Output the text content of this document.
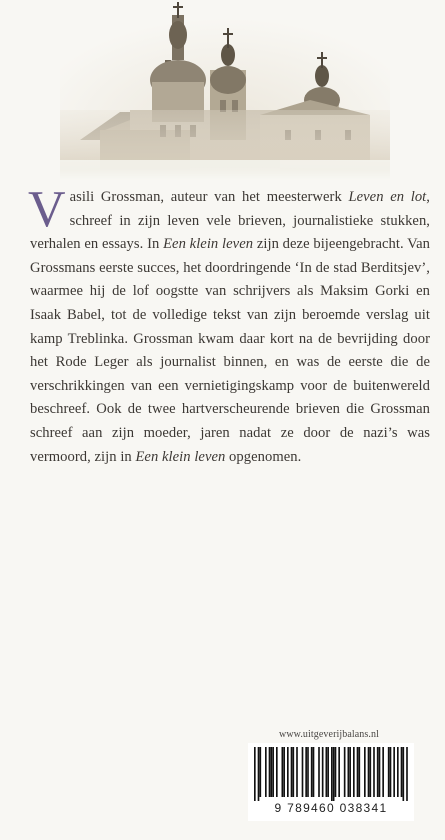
Vasili Grossman, auteur van het meesterwerk Leven en lot, schreef in zijn leven vele brieven, journalistieke stukken, verhalen en essays. In Een klein leven zijn deze bijeengebracht. Van Grossmans eerste succes, het doordringende ‘In de stad Berditsjev’, waarmee hij de lof oogstte van schrijvers als Maksim Gorki en Isaak Babel, tot de volledige tekst van zijn beroemde verslag uit kamp Treblinka. Grossman kwam daar kort na de bevrijding door het Rode Leger als journalist binnen, en was de eerste die de verschrikkingen van een vernietigingskamp voor de buitenwereld beschreef. Ook de twee hartverscheurende brieven die Grossman schreef aan zijn moeder, jaren nadat ze door de nazi’s was vermoord, zijn in Een klein leven opgenomen.
www.uitgeverijbalans.nl
9 789460 038341
